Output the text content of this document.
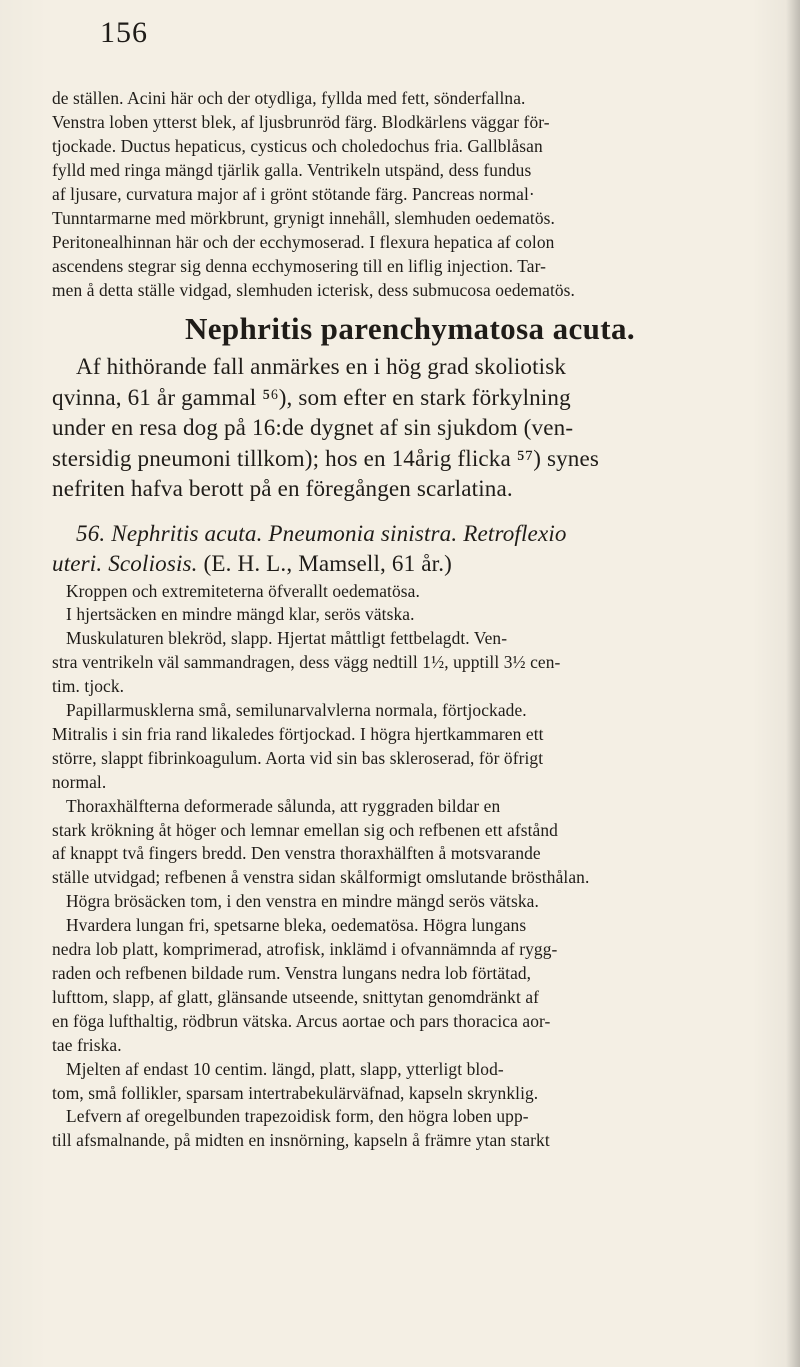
156
de ställen. Acini här och der otydliga, fyllda med fett, sönderfallna.
Venstra loben ytterst blek, af ljusbrunröd färg. Blodkärlens väggar för-
tjockade. Ductus hepaticus, cysticus och choledochus fria. Gallblåsan
fylld med ringa mängd tjärlik galla. Ventrikeln utspänd, dess fundus
af ljusare, curvatura major af i grönt stötande färg. Pancreas normal·
Tunntarmarne med mörkbrunt, grynigt innehåll, slemhuden oedematös.
Peritonealhinnan här och der ecchymoserad. I flexura hepatica af colon
ascendens stegrar sig denna ecchymosering till en liflig injection. Tar-
men å detta ställe vidgad, slemhuden icterisk, dess submucosa oedematös.
Nephritis parenchymatosa acuta.
Af hithörande fall anmärkes en i hög grad skoliotisk
qvinna, 61 år gammal ⁵⁶), som efter en stark förkylning
under en resa dog på 16:de dygnet af sin sjukdom (ven-
stersidig pneumoni tillkom); hos en 14årig flicka ⁵⁷) synes
nefriten hafva berott på en föregången scarlatina.
56. Nephritis acuta. Pneumonia sinistra. Retroflexio
uteri. Scoliosis. (E. H. L., Mamsell, 61 år.)
Kroppen och extremiteterna öfverallt oedematösa.
I hjertsäcken en mindre mängd klar, serös vätska.
Muskulaturen blekröd, slapp. Hjertat måttligt fettbelagdt. Ven-
stra ventrikeln väl sammandragen, dess vägg nedtill 1½, upptill 3½ cen-
tim. tjock.
Papillarmusklerna små, semilunarvalvlerna normala, förtjockade.
Mitralis i sin fria rand likaledes förtjockad. I högra hjertkammaren ett
större, slappt fibrinkoagulum. Aorta vid sin bas skleroserad, för öfrigt
normal.
Thoraxhälfterna deformerade sålunda, att ryggraden bildar en
stark krökning åt höger och lemnar emellan sig och refbenen ett afstånd
af knappt två fingers bredd. Den venstra thoraxhälften å motsvarande
ställe utvidgad; refbenen å venstra sidan skålformigt omslutande brösthålan.
Högra brösäcken tom, i den venstra en mindre mängd serös vätska.
Hvardera lungan fri, spetsarne bleka, oedematösa. Högra lungans
nedra lob platt, komprimerad, atrofisk, inklämd i ofvannämnda af rygg-
raden och refbenen bildade rum. Venstra lungans nedra lob förtätad,
lufttom, slapp, af glatt, glänsande utseende, snittytan genomdränkt af
en föga lufthaltig, rödbrun vätska. Arcus aortae och pars thoracica aor-
tae friska.
Mjelten af endast 10 centim. längd, platt, slapp, ytterligt blod-
tom, små follikler, sparsam intertrabekulärväfnad, kapseln skrynklig.
Lefvern af oregelbunden trapezoidisk form, den högra loben upp-
till afsmalnande, på midten en insnörning, kapseln å främre ytan starkt
